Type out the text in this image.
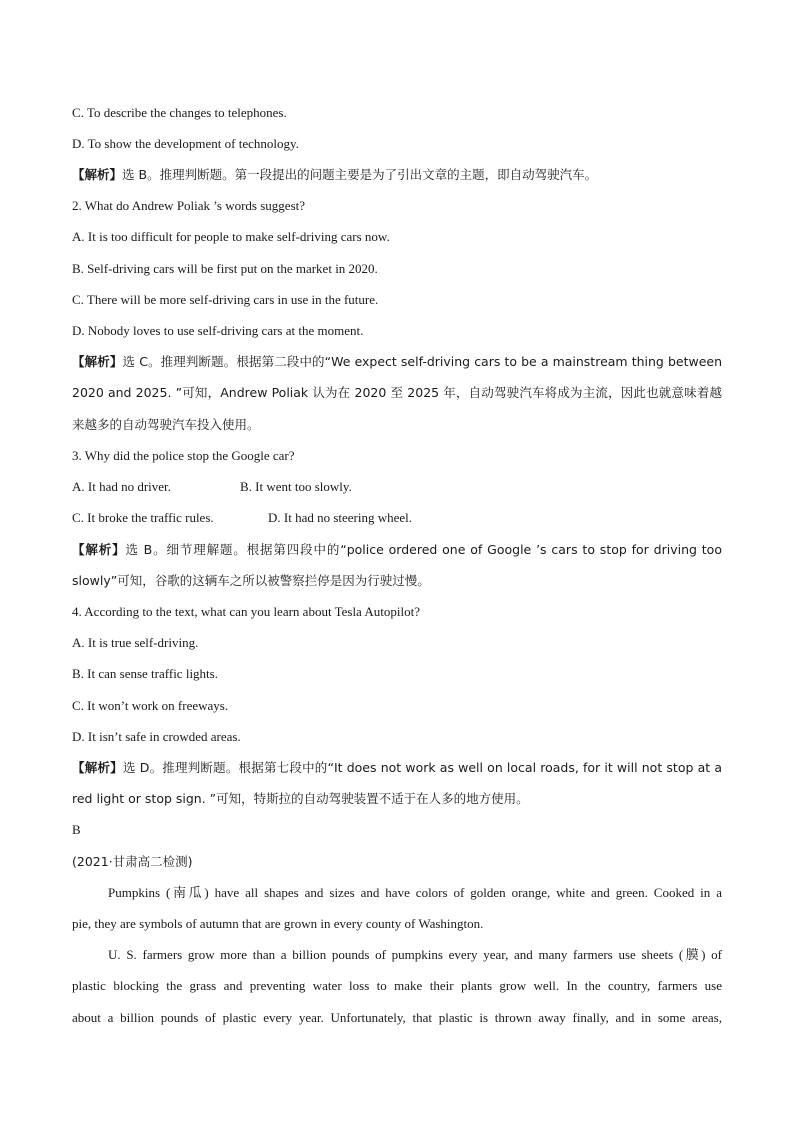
C. To describe the changes to telephones.
D. To show the development of technology.
【解析】选 B。推理判断题。第一段提出的问题主要是为了引出文章的主题，即自动驾驶汽车。
2. What do Andrew Poliak ’s words suggest?
A. It is too difficult for people to make self-driving cars now.
B. Self-driving cars will be first put on the market in 2020.
C. There will be more self-driving cars in use in the future.
D. Nobody loves to use self-driving cars at the moment.
【解析】选 C。推理判断题。根据第二段中的“We expect self-driving cars to be a mainstream thing between
2020 and 2025. ”可知，Andrew Poliak 认为在 2020 至 2025 年，自动驾驶汽车将成为主流，因此也就意味着越
来越多的自动驾驶汽车投入使用。
3. Why did the police stop the Google car?
A. It had no driver.	B. It went too slowly.
C. It broke the traffic rules.	D. It had no steering wheel.
【解析】选 B。细节理解题。根据第四段中的“police ordered one of Google ’s cars to stop for driving too
slowly”可知，谷歌的这辆车之所以被警察拦停是因为行驶过慢。
4. According to the text, what can you learn about Tesla Autopilot?
A. It is true self-driving.
B. It can sense traffic lights.
C. It won’t work on freeways.
D. It isn’t safe in crowded areas.
【解析】选 D。推理判断题。根据第七段中的“It does not work as well on local roads, for it will not stop at a
red light or stop sign. ”可知，特斯拉的自动驾驶装置不适于在人多的地方使用。
B
(2021·甘肃高二检测)
Pumpkins (南瓜) have all shapes and sizes and have colors of golden orange, white and green. Cooked in a
pie, they are symbols of autumn that are grown in every county of Washington.
U. S. farmers grow more than a billion pounds of pumpkins every year, and many farmers use sheets (膜) of
plastic blocking the grass and preventing water loss to make their plants grow well. In the country, farmers use
about a billion pounds of plastic every year. Unfortunately, that plastic is thrown away finally, and in some areas,
